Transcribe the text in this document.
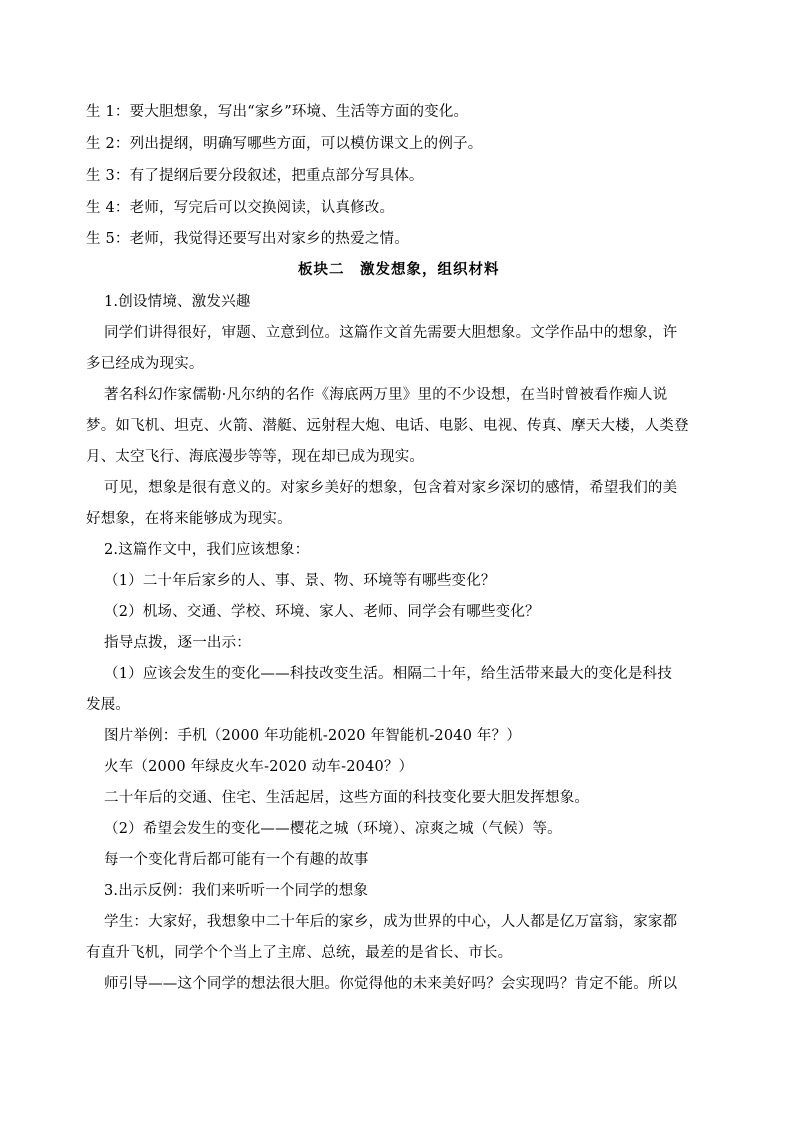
生 1：要大胆想象，写出“家乡”环境、生活等方面的变化。
生 2：列出提纲，明确写哪些方面，可以模仿课文上的例子。
生 3：有了提纲后要分段叙述，把重点部分写具体。
生 4：老师，写完后可以交换阅读，认真修改。
生 5：老师，我觉得还要写出对家乡的热爱之情。
板块二　激发想象，组织材料
1.创设情境、激发兴趣
同学们讲得很好，审题、立意到位。这篇作文首先需要大胆想象。文学作品中的想象，许
多已经成为现实。
著名科幻作家儒勒·凡尔纳的名作《海底两万里》里的不少设想，在当时曾被看作痴人说
梦。如飞机、坦克、火箭、潜艇、远射程大炮、电话、电影、电视、传真、摩天大楼，人类登
月、太空飞行、海底漫步等等，现在却已成为现实。
可见，想象是很有意义的。对家乡美好的想象，包含着对家乡深切的感情，希望我们的美
好想象，在将来能够成为现实。
2.这篇作文中，我们应该想象：
（1）二十年后家乡的人、事、景、物、环境等有哪些变化？
（2）机场、交通、学校、环境、家人、老师、同学会有哪些变化？
指导点拨，逐一出示：
（1）应该会发生的变化——科技改变生活。相隔二十年，给生活带来最大的变化是科技
发展。
图片举例：手机（2000 年功能机-2020 年智能机-2040 年？）
火车（2000 年绿皮火车-2020 动车-2040？）
二十年后的交通、住宅、生活起居，这些方面的科技变化要大胆发挥想象。
（2）希望会发生的变化——樱花之城（环境）、凉爽之城（气候）等。
每一个变化背后都可能有一个有趣的故事
3.出示反例：我们来听听一个同学的想象
学生：大家好，我想象中二十年后的家乡，成为世界的中心，人人都是亿万富翁，家家都
有直升飞机，同学个个当上了主席、总统，最差的是省长、市长。
师引导——这个同学的想法很大胆。你觉得他的未来美好吗？会实现吗？肯定不能。所以
